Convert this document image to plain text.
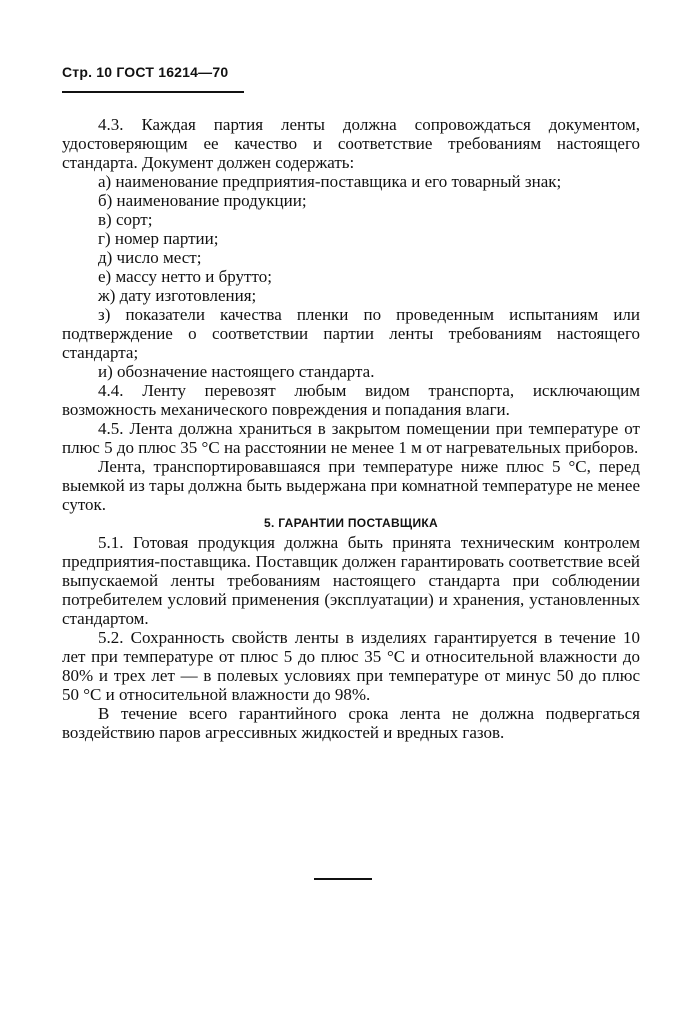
Стр. 10 ГОСТ 16214—70

4.3. Каждая партия ленты должна сопровождаться документом, удостоверяющим ее качество и соответствие требованиям настоящего стандарта. Документ должен содержать:

а) наименование предприятия-поставщика и его товарный знак;

б) наименование продукции;

в) сорт;

г) номер партии;

д) число мест;

е) массу нетто и брутто;

ж) дату изготовления;

з) показатели качества пленки по проведенным испытаниям или подтверждение о соответствии партии ленты требованиям настоящего стандарта;

и) обозначение настоящего стандарта.

4.4. Ленту перевозят любым видом транспорта, исключающим возможность механического повреждения и попадания влаги.

4.5. Лента должна храниться в закрытом помещении при температуре от плюс 5 до плюс 35 °С на расстоянии не менее 1 м от нагревательных приборов.

Лента, транспортировавшаяся при температуре ниже плюс 5 °С, перед выемкой из тары должна быть выдержана при комнатной температуре не менее суток.

5. ГАРАНТИИ ПОСТАВЩИКА

5.1. Готовая продукция должна быть принята техническим контролем предприятия-поставщика. Поставщик должен гарантировать соответствие всей выпускаемой ленты требованиям настоящего стандарта при соблюдении потребителем условий применения (эксплуатации) и хранения, установленных стандартом.

5.2. Сохранность свойств ленты в изделиях гарантируется в течение 10 лет при температуре от плюс 5 до плюс 35 °С и относительной влажности до 80% и трех лет — в полевых условиях при температуре от минус 50 до плюс 50 °С и относительной влажности до 98%.

В течение всего гарантийного срока лента не должна подвергаться воздействию паров агрессивных жидкостей и вредных газов.
